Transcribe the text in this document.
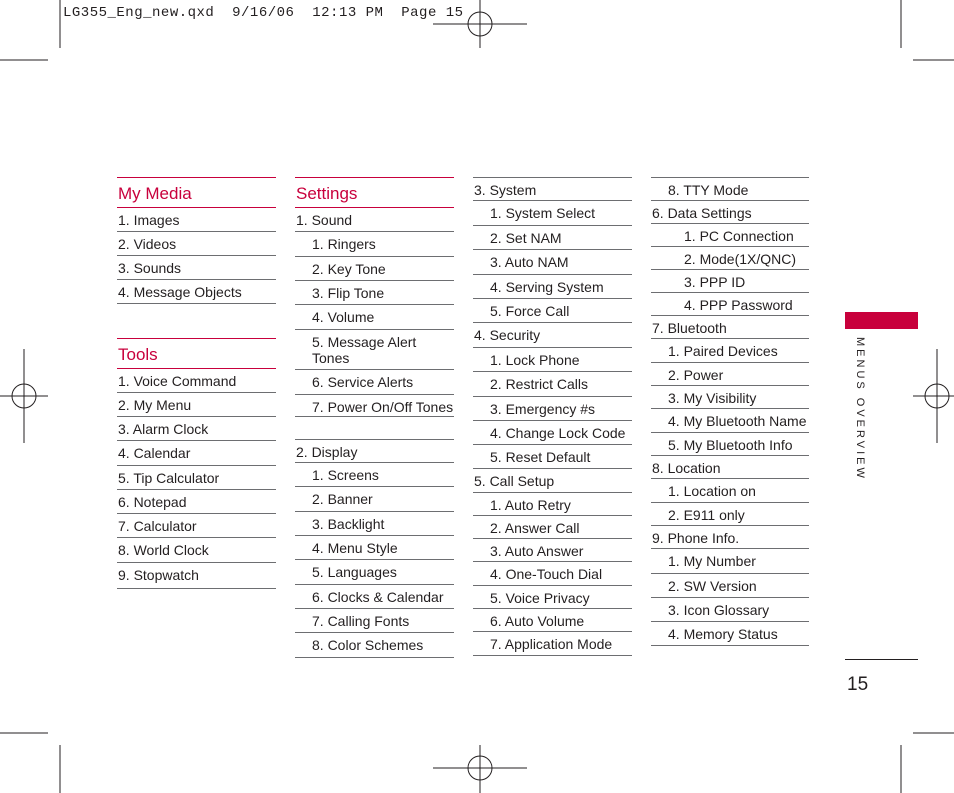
LG355_Eng_new.qxd  9/16/06  12:13 PM  Page 15
My Media
1. Images
2. Videos
3. Sounds
4. Message Objects
Tools
1. Voice Command
2. My Menu
3. Alarm Clock
4. Calendar
5. Tip Calculator
6. Notepad
7. Calculator
8. World Clock
9. Stopwatch
Settings
1. Sound
1. Ringers
2. Key Tone
3. Flip Tone
4. Volume
5. Message Alert Tones
6. Service Alerts
7. Power On/Off Tones
2. Display
1. Screens
2. Banner
3. Backlight
4. Menu Style
5. Languages
6. Clocks & Calendar
7. Calling Fonts
8. Color Schemes
3. System
1. System Select
2. Set NAM
3. Auto NAM
4. Serving System
5. Force Call
4. Security
1. Lock Phone
2. Restrict Calls
3. Emergency #s
4. Change Lock Code
5. Reset Default
5. Call Setup
1. Auto Retry
2. Answer Call
3. Auto Answer
4. One-Touch Dial
5. Voice Privacy
6. Auto Volume
7. Application Mode
8. TTY Mode
6. Data Settings
1. PC Connection
2. Mode(1X/QNC)
3. PPP ID
4. PPP Password
7. Bluetooth
1. Paired Devices
2. Power
3. My Visibility
4. My Bluetooth Name
5. My Bluetooth Info
8. Location
1. Location on
2. E911 only
9. Phone Info.
1. My Number
2. SW Version
3. Icon Glossary
4. Memory Status
MENUS OVERVIEW
15
